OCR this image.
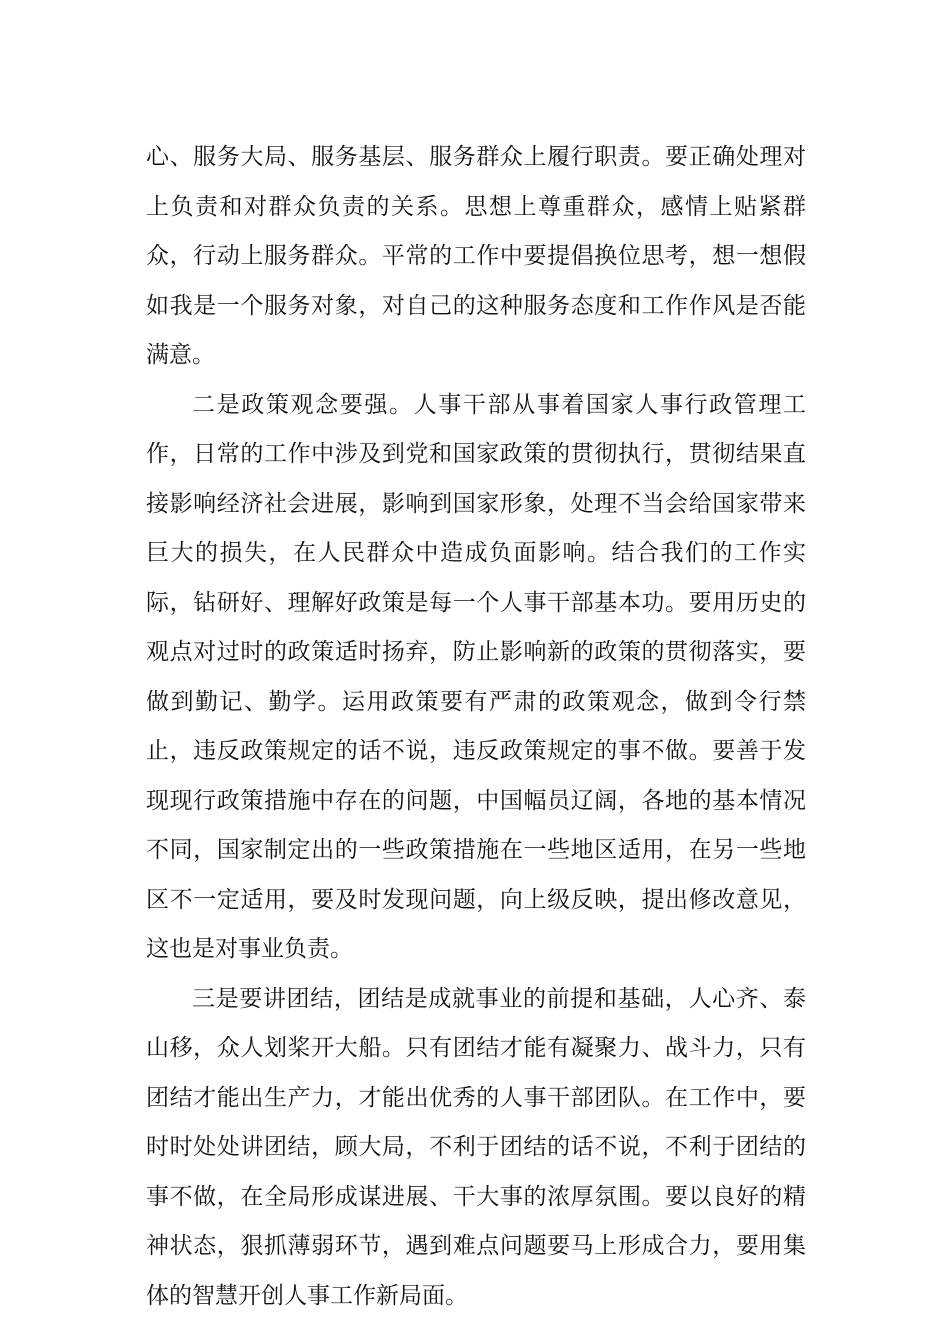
心、服务大局、服务基层、服务群众上履行职责。要正确处理对上负责和对群众负责的关系。思想上尊重群众，感情上贴紧群众，行动上服务群众。平常的工作中要提倡换位思考，想一想假如我是一个服务对象，对自己的这种服务态度和工作作风是否能满意。

二是政策观念要强。人事干部从事着国家人事行政管理工作，日常的工作中涉及到党和国家政策的贯彻执行，贯彻结果直接影响经济社会进展，影响到国家形象，处理不当会给国家带来巨大的损失，在人民群众中造成负面影响。结合我们的工作实际，钻研好、理解好政策是每一个人事干部基本功。要用历史的观点对过时的政策适时扬弃，防止影响新的政策的贯彻落实，要做到勤记、勤学。运用政策要有严肃的政策观念，做到令行禁止，违反政策规定的话不说，违反政策规定的事不做。要善于发现现行政策措施中存在的问题，中国幅员辽阔，各地的基本情况不同，国家制定出的一些政策措施在一些地区适用，在另一些地区不一定适用，要及时发现问题，向上级反映，提出修改意见，这也是对事业负责。

三是要讲团结，团结是成就事业的前提和基础，人心齐、泰山移，众人划桨开大船。只有团结才能有凝聚力、战斗力，只有团结才能出生产力，才能出优秀的人事干部团队。在工作中，要时时处处讲团结，顾大局，不利于团结的话不说，不利于团结的事不做，在全局形成谋进展、干大事的浓厚氛围。要以良好的精神状态，狠抓薄弱环节，遇到难点问题要马上形成合力，要用集体的智慧开创人事工作新局面。
